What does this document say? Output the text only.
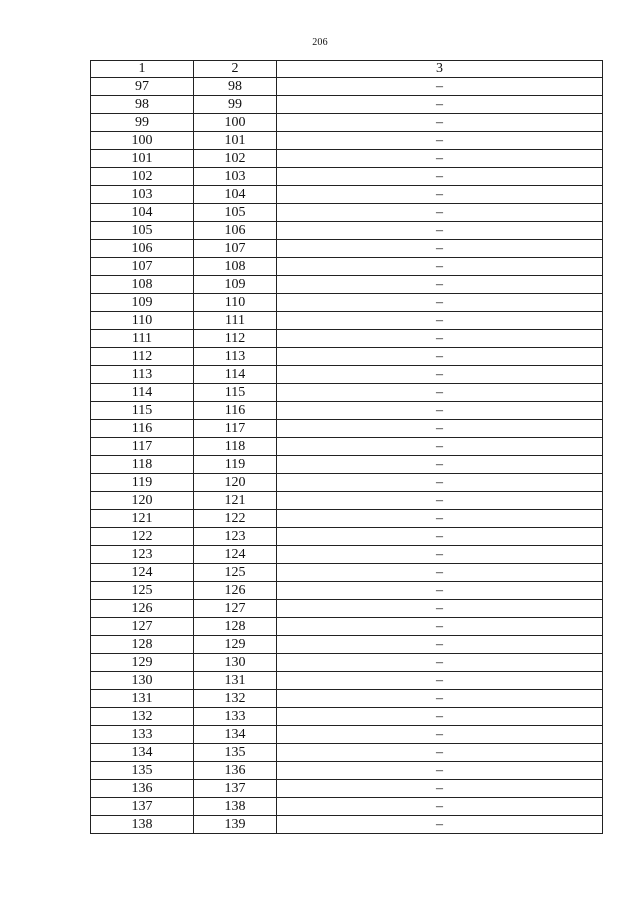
206
1	2	3
97	98	–
98	99	–
99	100	–
100	101	–
101	102	–
102	103	–
103	104	–
104	105	–
105	106	–
106	107	–
107	108	–
108	109	–
109	110	–
110	111	–
111	112	–
112	113	–
113	114	–
114	115	–
115	116	–
116	117	–
117	118	–
118	119	–
119	120	–
120	121	–
121	122	–
122	123	–
123	124	–
124	125	–
125	126	–
126	127	–
127	128	–
128	129	–
129	130	–
130	131	–
131	132	–
132	133	–
133	134	–
134	135	–
135	136	–
136	137	–
137	138	–
138	139	–
